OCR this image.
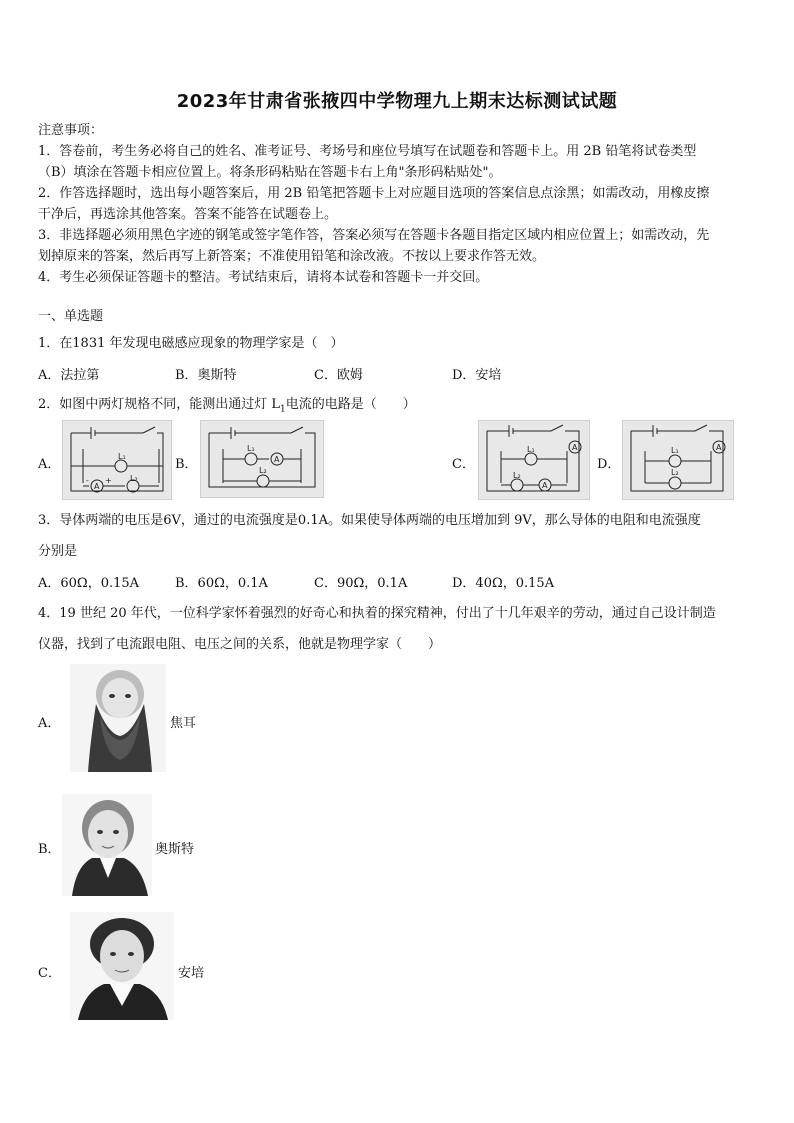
2023年甘肃省张掖四中学物理九上期末达标测试试题
注意事项：
1．答卷前，考生务必将自己的姓名、准考证号、考场号和座位号填写在试题卷和答题卡上。用 2B 铅笔将试卷类型
（B）填涂在答题卡相应位置上。将条形码粘贴在答题卡右上角"条形码粘贴处"。
2．作答选择题时，选出每小题答案后，用 2B 铅笔把答题卡上对应题目选项的答案信息点涂黑；如需改动，用橡皮擦
干净后，再选涂其他答案。答案不能答在试题卷上。
3．非选择题必须用黑色字迹的钢笔或签字笔作答，答案必须写在答题卡各题目指定区域内相应位置上；如需改动，先
划掉原来的答案，然后再写上新答案；不准使用铅笔和涂改液。不按以上要求作答无效。
4．考生必须保证答题卡的整洁。考试结束后，请将本试卷和答题卡一并交回。
一、单选题
1．在1831 年发现电磁感应现象的物理学家是（　）
A．法拉第	B．奥斯特	C．欧姆	D．安培
2．如图中两灯规格不同，能测出通过灯 $L_1$电流的电路是（　　）
A．
L₁
L₂
A
- +
B．
L₁
L₂
A	C．
L₁
L₂
A
A
D．
L₁
L₂
A
3．导体两端的电压是6V，通过的电流强度是0.1A。如果使导体两端的电压增加到 9V，那么导体的电阻和电流强度
分别是
A．60Ω，0.15A	B．60Ω，0.1A	C．90Ω，0.1A	D．40Ω，0.15A
4．19 世纪 20 年代，一位科学家怀着强烈的好奇心和执着的探究精神，付出了十几年艰辛的劳动，通过自己设计制造
仪器，找到了电流跟电阻、电压之间的关系，他就是物理学家（　　）
A．	焦耳
B．	奥斯特
C．	安培
